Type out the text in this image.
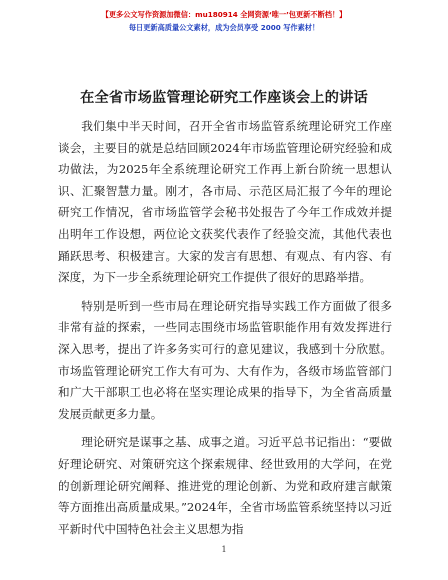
【更多公文写作资源加微信：mu180914 全网资源‘唯一’包更新不断档！】
每日更新高质量公文素材，成为会员享受 2000 写作素材！
在全省市场监管理论研究工作座谈会上的讲话

我们集中半天时间，召开全省市场监管系统理论研究工作座谈会，主要目的就是总结回顾2024年市场监管理论研究经验和成功做法，为2025年全系统理论研究工作再上新台阶统一思想认识、汇聚智慧力量。刚才，各市局、示范区局汇报了今年的理论研究工作情况，省市场监管学会秘书处报告了今年工作成效并提出明年工作设想，两位论文获奖代表作了经验交流，其他代表也踊跃思考、积极建言。大家的发言有思想、有观点、有内容、有深度，为下一步全系统理论研究工作提供了很好的思路举措。

特别是听到一些市局在理论研究指导实践工作方面做了很多非常有益的探索，一些同志围绕市场监管职能作用有效发挥进行深入思考，提出了许多务实可行的意见建议，我感到十分欣慰。市场监管理论研究工作大有可为、大有作为，各级市场监管部门和广大干部职工也必将在坚实理论成果的指导下，为全省高质量发展贡献更多力量。

理论研究是谋事之基、成事之道。习近平总书记指出：“要做好理论研究、对策研究这个探索规律、经世致用的大学问，在党的创新理论研究阐释、推进党的理论创新、为党和政府建言献策等方面推出高质量成果。”2024年，全省市场监管系统坚持以习近平新时代中国特色社会主义思想为指

1
